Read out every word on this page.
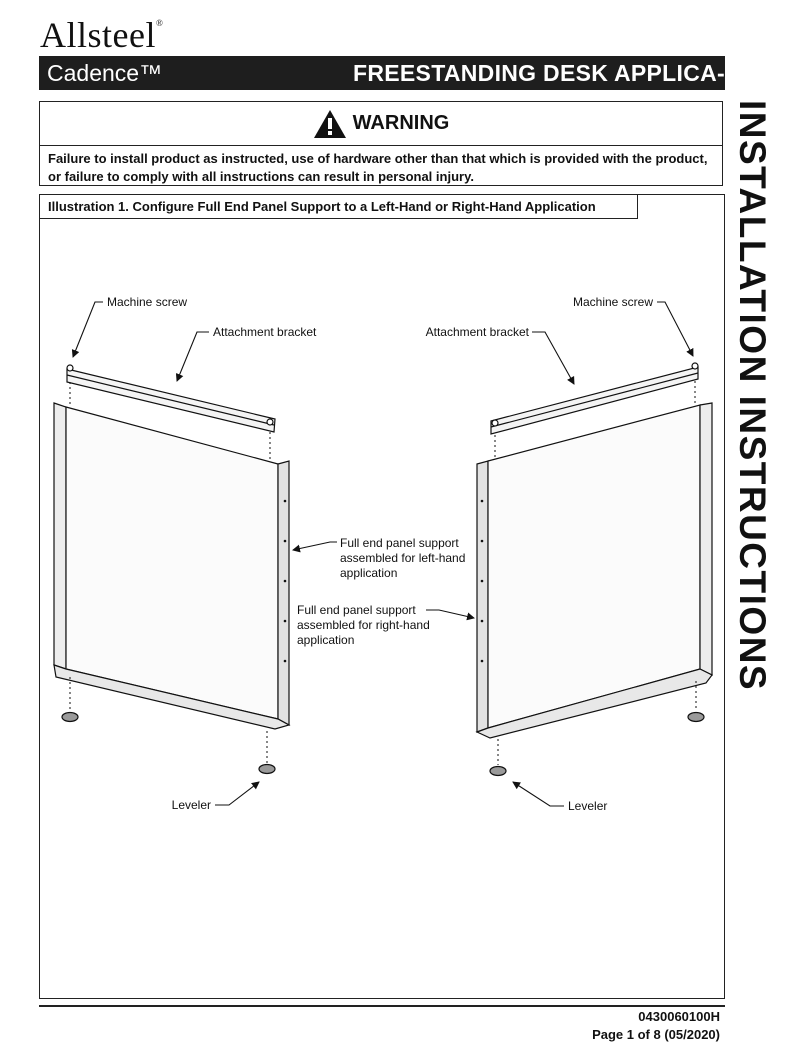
Allsteel®
Cadence™	FREESTANDING DESK APPLICA-
INSTALLATION INSTRUCTIONS
WARNING
Failure to install product as instructed, use of hardware other than that which is provided with the product, or failure to comply with all instructions can result in personal injury.
Illustration 1. Configure Full End Panel Support to a Left-Hand or Right-Hand Application
Machine screw
Attachment bracket
Machine screw
Attachment bracket
Full end panel support
assembled for left-hand
application
Full end panel support
assembled for right-hand
application
Leveler	Leveler
0430060100H
Page 1 of 8 (05/2020)
